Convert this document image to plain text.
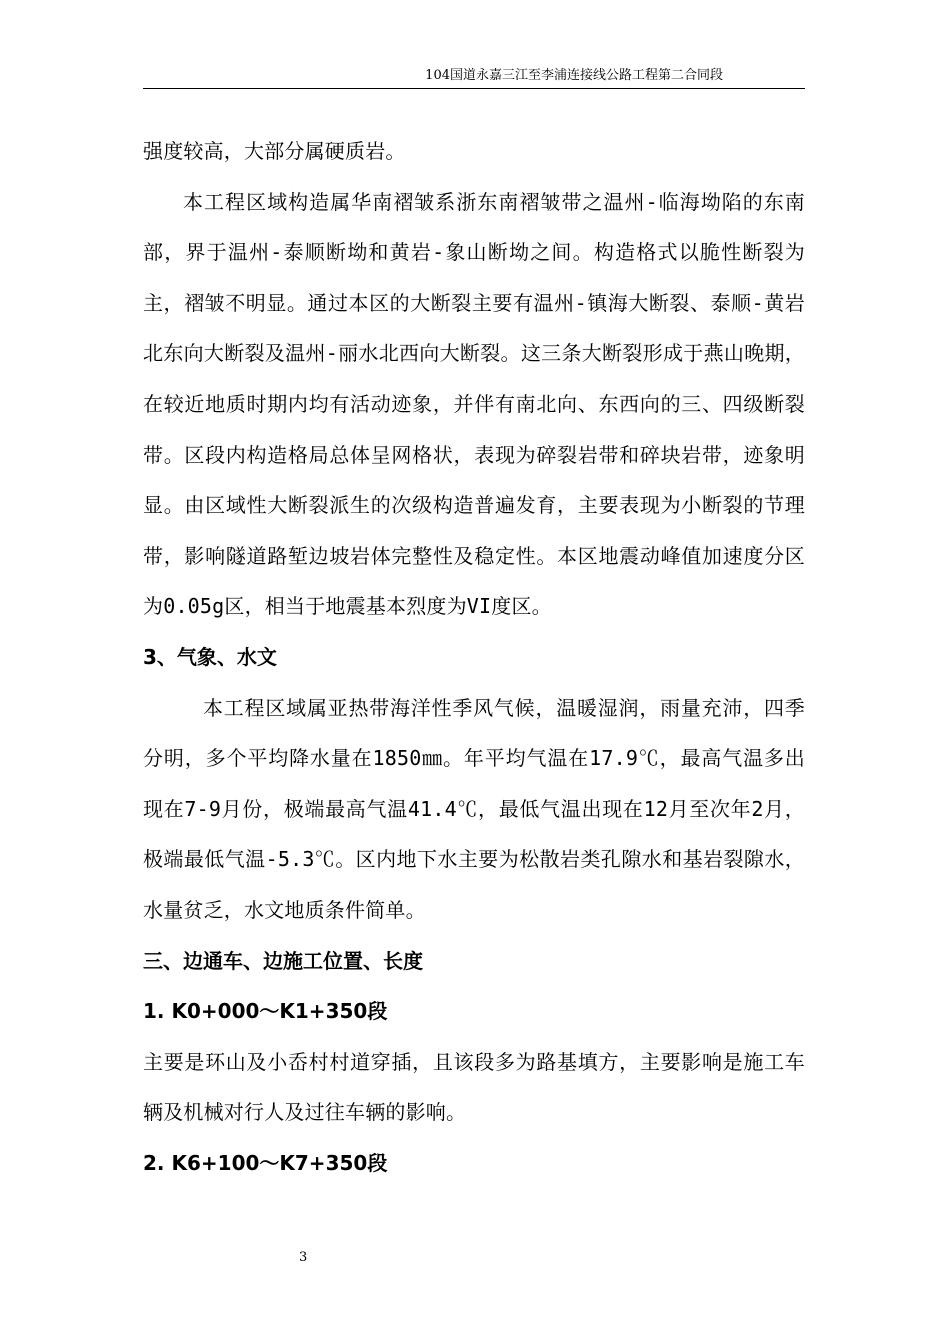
104国道永嘉三江至李浦连接线公路工程第二合同段

强度较高，大部分属硬质岩。

本工程区域构造属华南褶皱系浙东南褶皱带之温州-临海坳陷的东南部，界于温州-泰顺断坳和黄岩-象山断坳之间。构造格式以脆性断裂为主，褶皱不明显。通过本区的大断裂主要有温州-镇海大断裂、泰顺-黄岩北东向大断裂及温州-丽水北西向大断裂。这三条大断裂形成于燕山晚期，在较近地质时期内均有活动迹象，并伴有南北向、东西向的三、四级断裂带。区段内构造格局总体呈网格状，表现为碎裂岩带和碎块岩带，迹象明显。由区域性大断裂派生的次级构造普遍发育，主要表现为小断裂的节理带，影响隧道路堑边坡岩体完整性及稳定性。本区地震动峰值加速度分区为0.05g区，相当于地震基本烈度为VI度区。

3、气象、水文

本工程区域属亚热带海洋性季风气候，温暖湿润，雨量充沛，四季分明，多个平均降水量在1850㎜。年平均气温在17.9℃，最高气温多出现在7-9月份，极端最高气温41.4℃，最低气温出现在12月至次年2月，极端最低气温-5.3℃。区内地下水主要为松散岩类孔隙水和基岩裂隙水，水量贫乏，水文地质条件简单。

三、边通车、边施工位置、长度

1. K0+000～K1+350段

主要是环山及小岙村村道穿插，且该段多为路基填方，主要影响是施工车辆及机械对行人及过往车辆的影响。

2. K6+100～K7+350段

3
